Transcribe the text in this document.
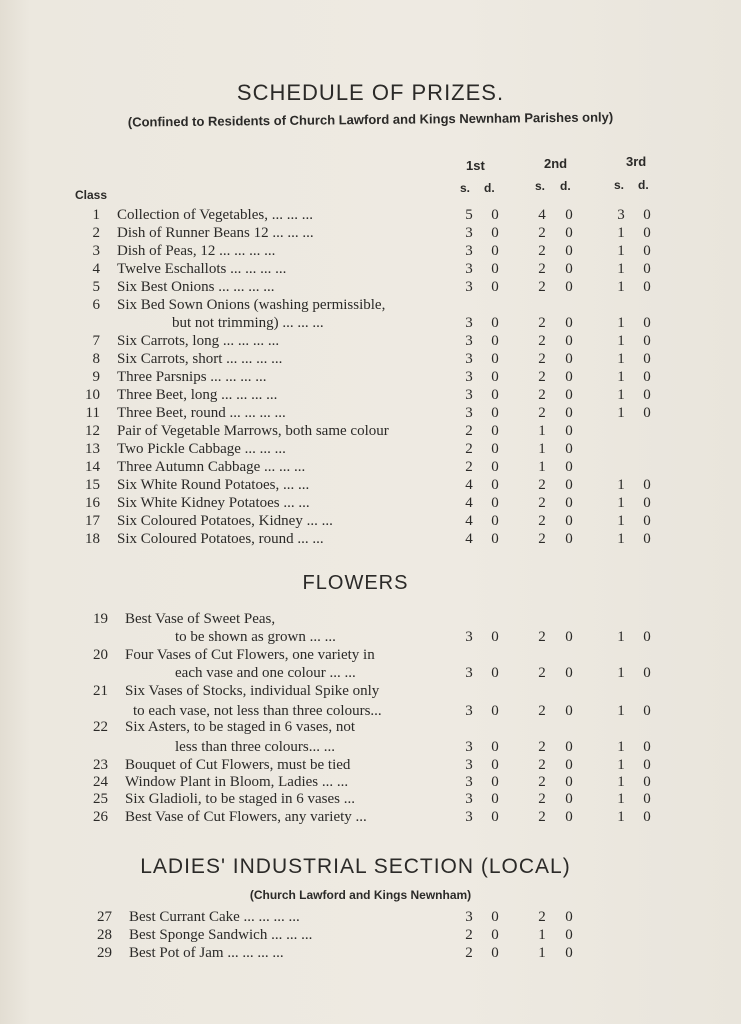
SCHEDULE OF PRIZES.
(Confined to Residents of Church Lawford and Kings Newnham Parishes only)
1st	2nd	3rd
s. d.	s. d.	s. d.
Class
1 Collection of Vegetables, ... ... ...	5 0	4 0	3 0
2 Dish of Runner Beans 12 ... ... ...	3 0	2 0	1 0
3 Dish of Peas, 12 ... ... ... ...	3 0	2 0	1 0
4 Twelve Eschallots ... ... ... ...	3 0	2 0	1 0
5 Six Best Onions ... ... ... ...	3 0	2 0	1 0
6 Six Bed Sown Onions (washing permissible,
but not trimming) ... ... ...	3 0	2 0	1 0
7 Six Carrots, long ... ... ... ...	3 0	2 0	1 0
8 Six Carrots, short ... ... ... ...	3 0	2 0	1 0
9 Three Parsnips ... ... ... ...	3 0	2 0	1 0
10 Three Beet, long ... ... ... ...	3 0	2 0	1 0
11 Three Beet, round ... ... ... ...	3 0	2 0	1 0
12 Pair of Vegetable Marrows, both same colour	2 0	1 0
13 Two Pickle Cabbage ... ... ...	2 0	1 0
14 Three Autumn Cabbage ... ... ...	2 0	1 0
15 Six White Round Potatoes, ... ...	4 0	2 0	1 0
16 Six White Kidney Potatoes ... ...	4 0	2 0	1 0
17 Six Coloured Potatoes, Kidney ... ...	4 0	2 0	1 0
18 Six Coloured Potatoes, round ... ...	4 0	2 0	1 0
FLOWERS
19 Best Vase of Sweet Peas,
to be shown as grown ... ...	3 0	2 0	1 0
20 Four Vases of Cut Flowers, one variety in
each vase and one colour ... ...	3 0	2 0	1 0
21 Six Vases of Stocks, individual Spike only
to each vase, not less than three colours...	3 0	2 0	1 0
22 Six Asters, to be staged in 6 vases, not
less than three colours... ...	3 0	2 0	1 0
23 Bouquet of Cut Flowers, must be tied	3 0	2 0	1 0
24 Window Plant in Bloom, Ladies ... ...	3 0	2 0	1 0
25 Six Gladioli, to be staged in 6 vases ...	3 0	2 0	1 0
26 Best Vase of Cut Flowers, any variety ...	3 0	2 0	1 0
LADIES' INDUSTRIAL SECTION (LOCAL)
(Church Lawford and Kings Newnham)
27 Best Currant Cake ... ... ... ...	3 0	2 0
28 Best Sponge Sandwich ... ... ...	2 0	1 0
29 Best Pot of Jam ... ... ... ...	2 0	1 0
